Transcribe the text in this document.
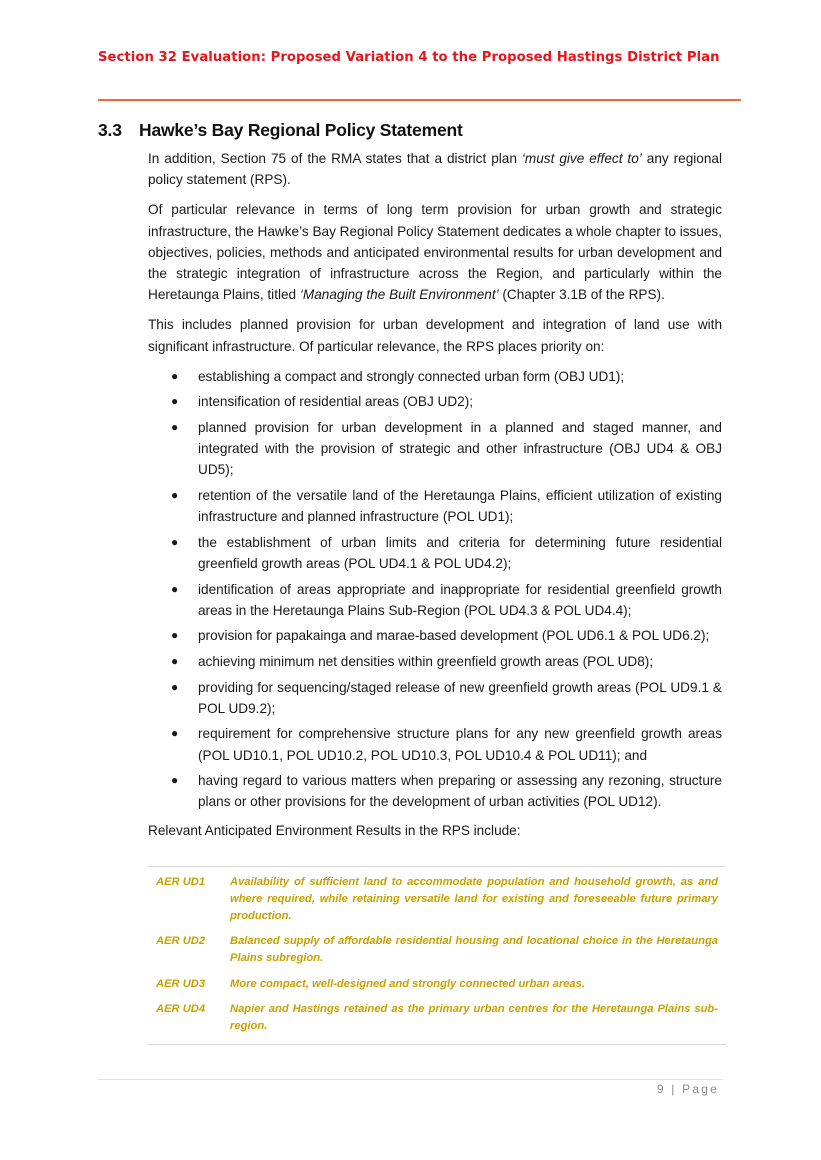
Section 32 Evaluation: Proposed Variation 4 to the Proposed Hastings District Plan
3.3 Hawke’s Bay Regional Policy Statement

In addition, Section 75 of the RMA states that a district plan ‘must give effect to’ any regional policy statement (RPS).

Of particular relevance in terms of long term provision for urban growth and strategic infrastructure, the Hawke’s Bay Regional Policy Statement dedicates a whole chapter to issues, objectives, policies, methods and anticipated environmental results for urban development and the strategic integration of infrastructure across the Region, and particularly within the Heretaunga Plains, titled ‘Managing the Built Environment’ (Chapter 3.1B of the RPS).

This includes planned provision for urban development and integration of land use with significant infrastructure. Of particular relevance, the RPS places priority on:

● establishing a compact and strongly connected urban form (OBJ UD1);
● intensification of residential areas (OBJ UD2);
● planned provision for urban development in a planned and staged manner, and integrated with the provision of strategic and other infrastructure (OBJ UD4 & OBJ UD5);
● retention of the versatile land of the Heretaunga Plains, efficient utilization of existing infrastructure and planned infrastructure (POL UD1);
● the establishment of urban limits and criteria for determining future residential greenfield growth areas (POL UD4.1 & POL UD4.2);
● identification of areas appropriate and inappropriate for residential greenfield growth areas in the Heretaunga Plains Sub-Region (POL UD4.3 & POL UD4.4);
● provision for papakainga and marae-based development (POL UD6.1 & POL UD6.2);
● achieving minimum net densities within greenfield growth areas (POL UD8);
● providing for sequencing/staged release of new greenfield growth areas (POL UD9.1 & POL UD9.2);
● requirement for comprehensive structure plans for any new greenfield growth areas (POL UD10.1, POL UD10.2, POL UD10.3, POL UD10.4 & POL UD11); and
● having regard to various matters when preparing or assessing any rezoning, structure plans or other provisions for the development of urban activities (POL UD12).

Relevant Anticipated Environment Results in the RPS include:

AER UD1	Availability of sufficient land to accommodate population and household growth, as and where required, while retaining versatile land for existing and foreseeable future primary production.
AER UD2	Balanced supply of affordable residential housing and locational choice in the Heretaunga Plains subregion.
AER UD3	More compact, well-designed and strongly connected urban areas.
AER UD4	Napier and Hastings retained as the primary urban centres for the Heretaunga Plains sub-region.
9 | Page
